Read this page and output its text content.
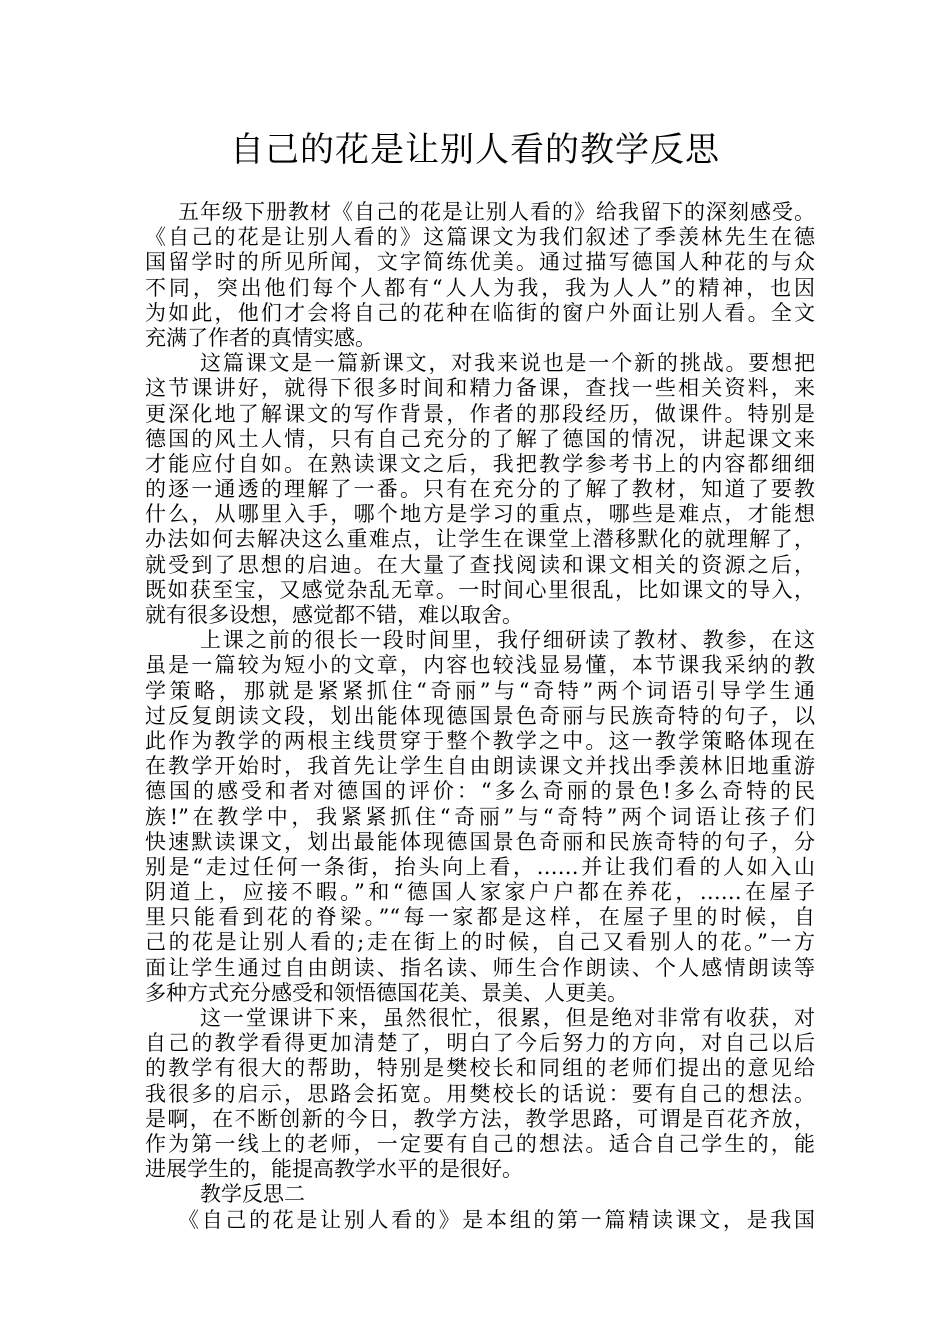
自己的花是让别人看的教学反思
五年级下册教材《自己的花是让别人看的》给我留下的深刻感受。
《自己的花是让别人看的》这篇课文为我们叙述了季羡林先生在德
国留学时的所见所闻，文字简练优美。通过描写德国人种花的与众
不同，突出他们每个人都有“人人为我，我为人人”的精神，也因
为如此，他们才会将自己的花种在临街的窗户外面让别人看。全文
充满了作者的真情实感。
这篇课文是一篇新课文，对我来说也是一个新的挑战。要想把
这节课讲好，就得下很多时间和精力备课，查找一些相关资料，来
更深化地了解课文的写作背景，作者的那段经历，做课件。特别是
德国的风土人情，只有自己充分的了解了德国的情况，讲起课文来
才能应付自如。在熟读课文之后，我把教学参考书上的内容都细细
的逐一通透的理解了一番。只有在充分的了解了教材，知道了要教
什么，从哪里入手，哪个地方是学习的重点，哪些是难点，才能想
办法如何去解决这么重难点，让学生在课堂上潜移默化的就理解了，
就受到了思想的启迪。在大量了查找阅读和课文相关的资源之后，
既如获至宝，又感觉杂乱无章。一时间心里很乱，比如课文的导入，
就有很多设想，感觉都不错，难以取舍。
上课之前的很长一段时间里，我仔细研读了教材、教参，在这
虽是一篇较为短小的文章，内容也较浅显易懂，本节课我采纳的教
学策略，那就是紧紧抓住“奇丽”与“奇特”两个词语引导学生通
过反复朗读文段，划出能体现德国景色奇丽与民族奇特的句子，以
此作为教学的两根主线贯穿于整个教学之中。这一教学策略体现在
在教学开始时，我首先让学生自由朗读课文并找出季羡林旧地重游
德国的感受和者对德国的评价：“多么奇丽的景色!多么奇特的民
族!”在教学中，我紧紧抓住“奇丽”与“奇特”两个词语让孩子们
快速默读课文，划出最能体现德国景色奇丽和民族奇特的句子，分
别是“走过任何一条街，抬头向上看，……并让我们看的人如入山
阴道上，应接不暇。”和“德国人家家户户都在养花，……在屋子
里只能看到花的脊梁。”“每一家都是这样，在屋子里的时候，自
己的花是让别人看的;走在街上的时候，自己又看别人的花。”一方
面让学生通过自由朗读、指名读、师生合作朗读、个人感情朗读等
多种方式充分感受和领悟德国花美、景美、人更美。
这一堂课讲下来，虽然很忙，很累，但是绝对非常有收获，对
自己的教学看得更加清楚了，明白了今后努力的方向，对自己以后
的教学有很大的帮助，特别是樊校长和同组的老师们提出的意见给
我很多的启示，思路会拓宽。用樊校长的话说：要有自己的想法。
是啊，在不断创新的今日，教学方法，教学思路，可谓是百花齐放，
作为第一线上的老师，一定要有自己的想法。适合自己学生的，能
进展学生的，能提高教学水平的是很好。
教学反思二
《自己的花是让别人看的》是本组的第一篇精读课文，是我国
